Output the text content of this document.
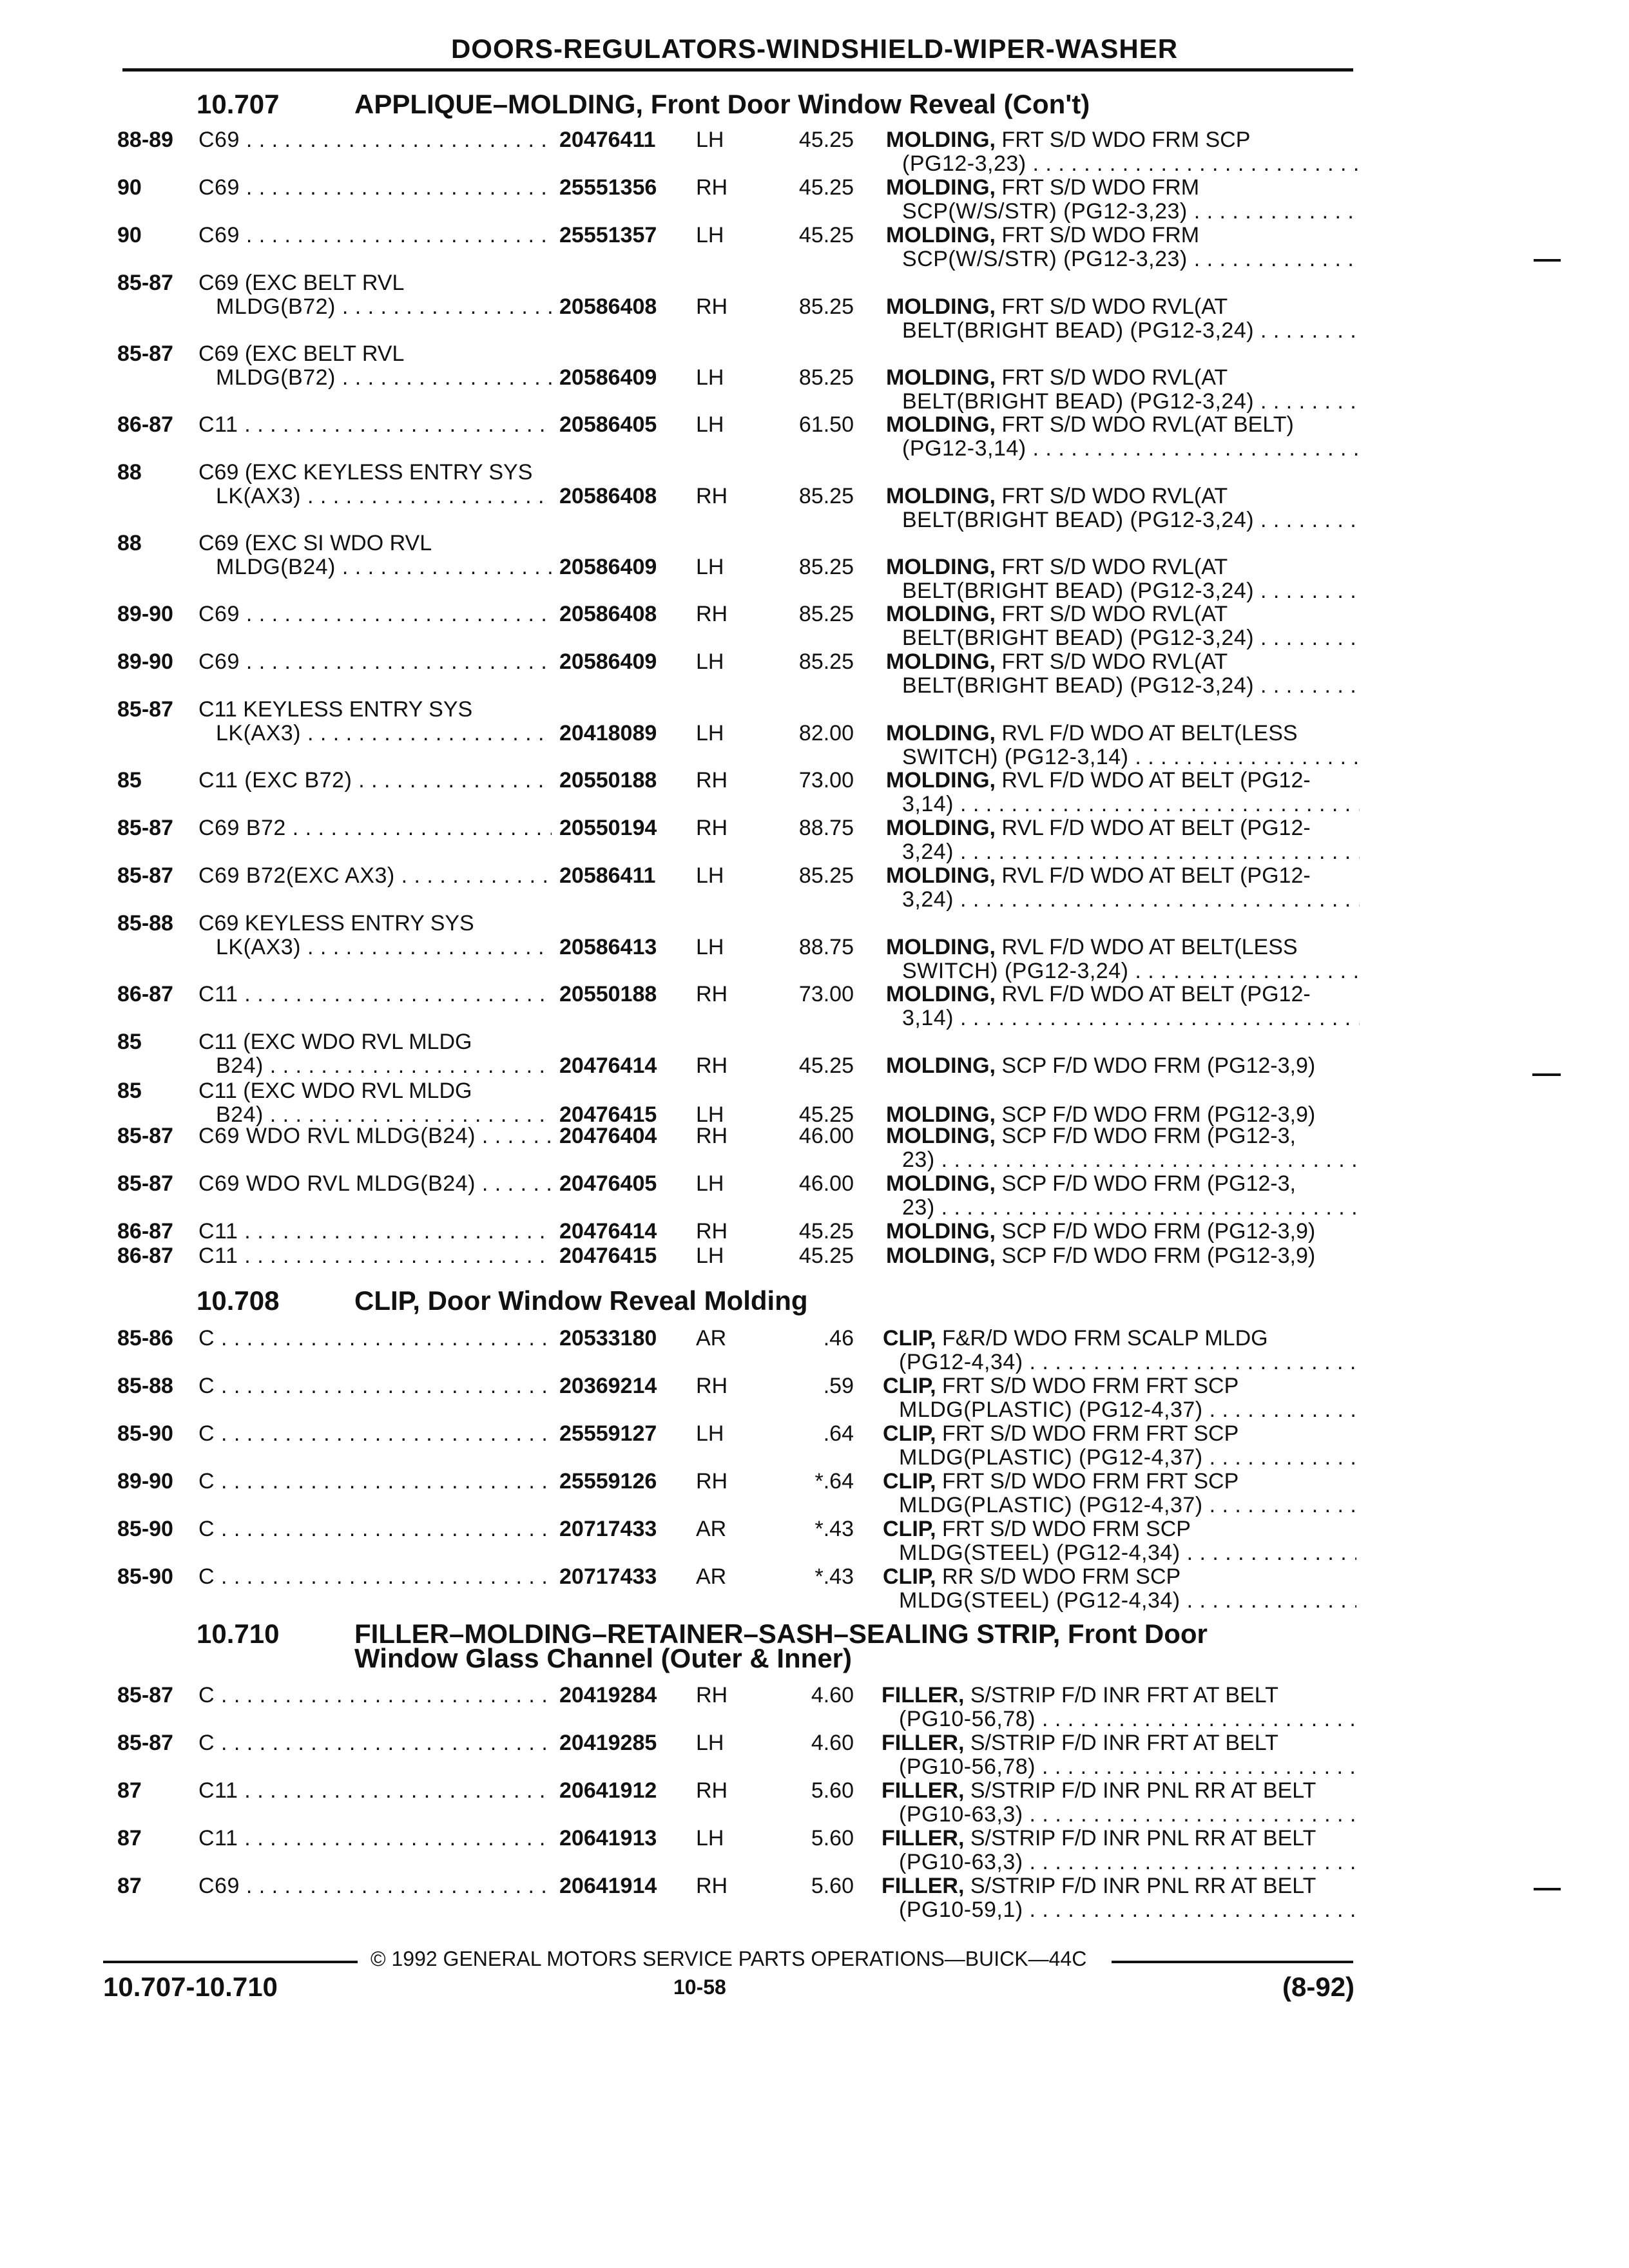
DOORS-REGULATORS-WINDSHIELD-WIPER-WASHER
10.707	APPLIQUE–MOLDING, Front Door Window Reveal (Con't)
88-89 C69 . . .	20476411 LH	45.25 MOLDING, FRT S/D WDO FRM SCP
(PG12-3,23) . . .
90	C69 . . .	25551356 RH	45.25 MOLDING, FRT S/D WDO FRM
SCP(W/S/STR) (PG12-3,23) . . .
90	C69 . . .	25551357 LH	45.25 MOLDING, FRT S/D WDO FRM
SCP(W/S/STR) (PG12-3,23) . . .
85-87 C69 (EXC BELT RVL
MLDG(B72) . . .	20586408 RH	85.25 MOLDING, FRT S/D WDO RVL(AT
BELT(BRIGHT BEAD) (PG12-3,24) . . .
85-87 C69 (EXC BELT RVL
MLDG(B72) . . .	20586409 LH	85.25 MOLDING, FRT S/D WDO RVL(AT
BELT(BRIGHT BEAD) (PG12-3,24) . . .
86-87 C11 . . .	20586405 LH	61.50 MOLDING, FRT S/D WDO RVL(AT BELT)
(PG12-3,14) . . .
88	C69 (EXC KEYLESS ENTRY SYS
LK(AX3) . . .	20586408 RH	85.25 MOLDING, FRT S/D WDO RVL(AT
BELT(BRIGHT BEAD) (PG12-3,24) . . .
88	C69 (EXC SI WDO RVL
MLDG(B24) . . .	20586409 LH	85.25 MOLDING, FRT S/D WDO RVL(AT
BELT(BRIGHT BEAD) (PG12-3,24) . . .
89-90 C69 . . .	20586408 RH	85.25 MOLDING, FRT S/D WDO RVL(AT
BELT(BRIGHT BEAD) (PG12-3,24) . . .
89-90 C69 . . .	20586409 LH	85.25 MOLDING, FRT S/D WDO RVL(AT
BELT(BRIGHT BEAD) (PG12-3,24) . . .
85-87 C11 KEYLESS ENTRY SYS
LK(AX3) . . .	20418089 LH	82.00 MOLDING, RVL F/D WDO AT BELT(LESS
SWITCH) (PG12-3,14) . . .
85	C11 (EXC B72) . . .	20550188 RH	73.00 MOLDING, RVL F/D WDO AT BELT (PG12-
3,14) . . .
85-87 C69 B72 . . .	20550194 RH	88.75 MOLDING, RVL F/D WDO AT BELT (PG12-
3,24) . . .
85-87 C69 B72(EXC AX3) . . .	20586411 LH	85.25 MOLDING, RVL F/D WDO AT BELT (PG12-
3,24) . . .
85-88 C69 KEYLESS ENTRY SYS
LK(AX3) . . .	20586413 LH	88.75 MOLDING, RVL F/D WDO AT BELT(LESS
SWITCH) (PG12-3,24) . . .
86-87 C11 . . .	20550188 RH	73.00 MOLDING, RVL F/D WDO AT BELT (PG12-
3,14) . . .
85	C11 (EXC WDO RVL MLDG
B24) . . .	20476414 RH	45.25 MOLDING, SCP F/D WDO FRM (PG12-3,9)
85	C11 (EXC WDO RVL MLDG
B24) . . .	20476415 LH	45.25 MOLDING, SCP F/D WDO FRM (PG12-3,9)
85-87 C69 WDO RVL MLDG(B24) . . .	20476404 RH	46.00 MOLDING, SCP F/D WDO FRM (PG12-3,
23) . . .
85-87 C69 WDO RVL MLDG(B24) . . .	20476405 LH	46.00 MOLDING, SCP F/D WDO FRM (PG12-3,
23) . . .
86-87 C11 . . .	20476414 RH	45.25 MOLDING, SCP F/D WDO FRM (PG12-3,9)
86-87 C11 . . .	20476415 LH	45.25 MOLDING, SCP F/D WDO FRM (PG12-3,9)
10.708	CLIP, Door Window Reveal Molding
85-86 C . . .	20533180 AR	.46 CLIP, F&R/D WDO FRM SCALP MLDG
(PG12-4,34) . . .
85-88 C . . .	20369214 RH	.59 CLIP, FRT S/D WDO FRM FRT SCP
MLDG(PLASTIC) (PG12-4,37) . . .
85-90 C . . .	25559127 LH	.64 CLIP, FRT S/D WDO FRM FRT SCP
MLDG(PLASTIC) (PG12-4,37) . . .
89-90 C . . .	25559126 RH	*.64 CLIP, FRT S/D WDO FRM FRT SCP
MLDG(PLASTIC) (PG12-4,37) . . .
85-90 C . . .	20717433 AR	*.43 CLIP, FRT S/D WDO FRM SCP
MLDG(STEEL) (PG12-4,34) . . .
85-90 C . . .	20717433 AR	*.43 CLIP, RR S/D WDO FRM SCP
MLDG(STEEL) (PG12-4,34) . . .
10.710	FILLER–MOLDING–RETAINER–SASH–SEALING STRIP, Front Door
Window Glass Channel (Outer & Inner)
85-87 C . . .	20419284 RH	4.60 FILLER, S/STRIP F/D INR FRT AT BELT
(PG10-56,78) . . .
85-87 C . . .	20419285 LH	4.60 FILLER, S/STRIP F/D INR FRT AT BELT
(PG10-56,78) . . .
87	C11 . . .	20641912 RH	5.60 FILLER, S/STRIP F/D INR PNL RR AT BELT
(PG10-63,3) . . .
87	C11 . . .	20641913 LH	5.60 FILLER, S/STRIP F/D INR PNL RR AT BELT
(PG10-63,3) . . .
87	C69 . . .	20641914 RH	5.60 FILLER, S/STRIP F/D INR PNL RR AT BELT
(PG10-59,1) . . .
© 1992 GENERAL MOTORS SERVICE PARTS OPERATIONS—BUICK—44C
10.707-10.710	10-58	(8-92)
